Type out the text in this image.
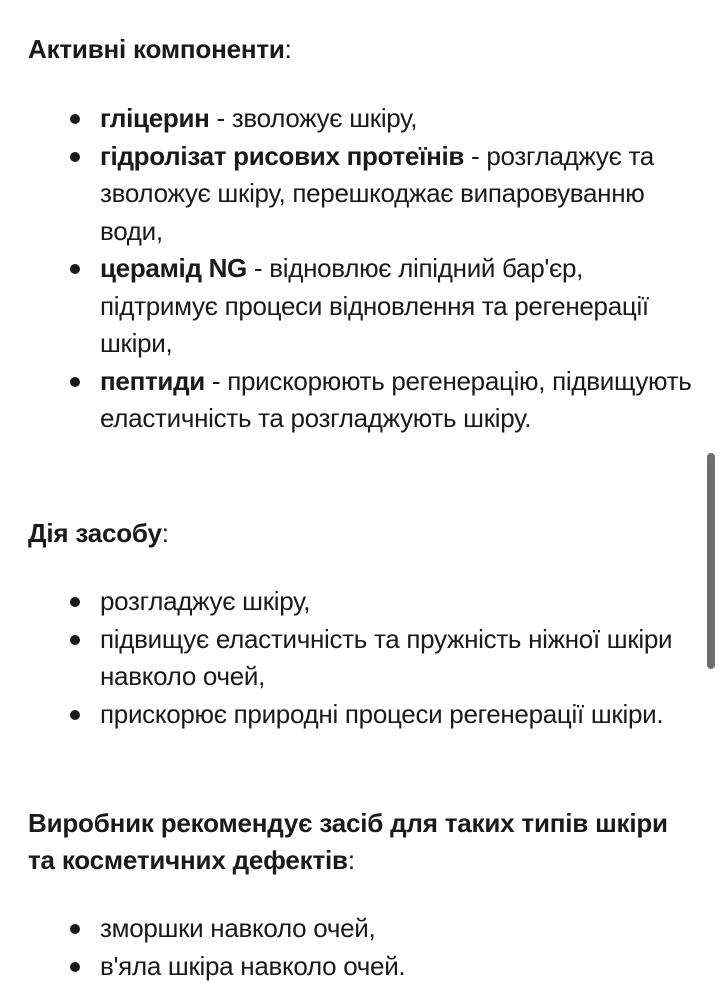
Активні компоненти:
гліцерин - зволожує шкіру,
гідролізат рисових протеїнів - розгладжує та зволожує шкіру, перешкоджає випаровуванню води,
церамід NG - відновлює ліпідний бар'єр, підтримує процеси відновлення та регенерації шкіри,
пептиди - прискорюють регенерацію, підвищують еластичність та розгладжують шкіру.
Дія засобу:
розгладжує шкіру,
підвищує еластичність та пружність ніжної шкіри навколо очей,
прискорює природні процеси регенерації шкіри.
Виробник рекомендує засіб для таких типів шкіри та косметичних дефектів:
зморшки навколо очей,
в'яла шкіра навколо очей.
